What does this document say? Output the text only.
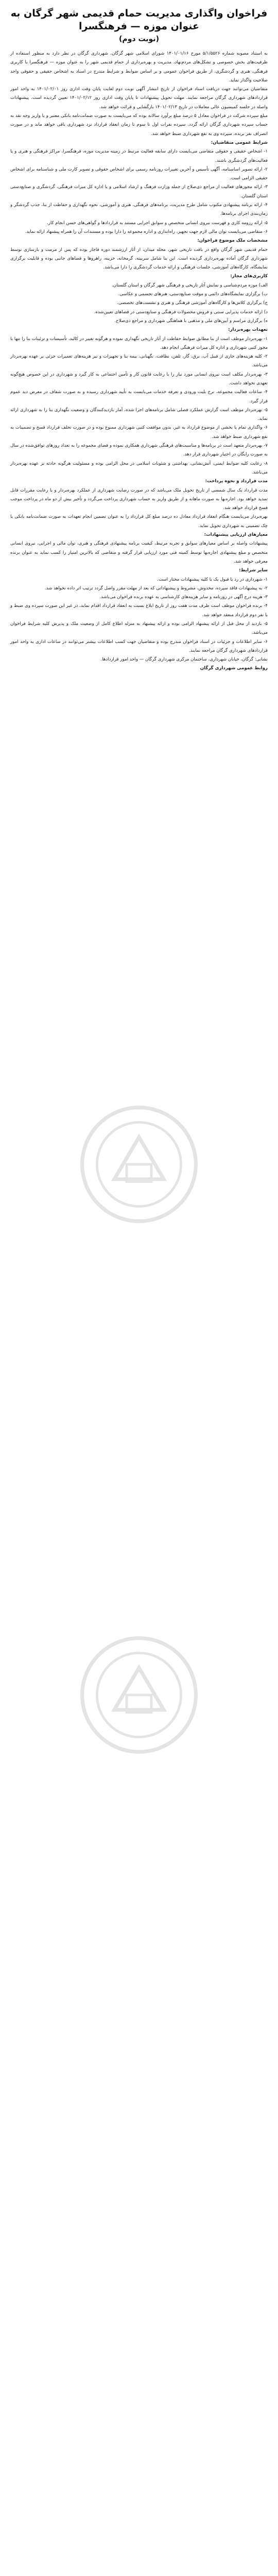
فراخوان واگذاری مدیریت حمام قدیمی شهر گرگان به عنوان موزه — فرهنگسرا
(نوبت دوم)

به استناد مصوبه شماره ۵/۱/۵۵۲۶ مورخ ۱۴۰۱/۰۱/۱۶ شورای اسلامی شهر گرگان، شهرداری گرگان در نظر دارد به منظور استفاده از ظرفیت‌های بخش خصوصی و تشکل‌های مردم‌نهاد، مدیریت و بهره‌برداری از حمام قدیمی شهر را به عنوان موزه — فرهنگسرا با کاربری فرهنگی، هنری و گردشگری، از طریق فراخوان عمومی و بر اساس ضوابط و شرایط مندرج در اسناد به اشخاص حقیقی و حقوقی واجد صلاحیت واگذار نماید.

متقاضیان می‌توانند جهت دریافت اسناد فراخوان از تاریخ انتشار آگهی نوبت دوم لغایت پایان وقت اداری روز ۱۴۰۱/۰۲/۰۱ به واحد امور قراردادهای شهرداری گرگان مراجعه نمایند. مهلت تحویل پیشنهادات تا پایان وقت اداری روز ۱۴۰۱/۰۲/۱۲ تعیین گردیده است. پیشنهادات واصله در جلسه کمیسیون عالی معاملات در تاریخ ۱۴۰۱/۰۲/۱۳ بازگشایی و قرائت خواهد شد.

مبلغ سپرده شرکت در فراخوان معادل ۵ درصد مبلغ برآورد سالانه بوده که می‌بایست به صورت ضمانت‌نامه بانکی معتبر و یا واریز وجه نقد به حساب سپرده شهرداری گرگان ارائه گردد. سپرده نفرات اول تا سوم تا زمان انعقاد قرارداد نزد شهرداری باقی خواهد ماند و در صورت انصراف نفر برنده، سپرده وی به نفع شهرداری ضبط خواهد شد.

شرایط عمومی متقاضیان:

۱- اشخاص حقیقی و حقوقی متقاضی می‌بایست دارای سابقه فعالیت مرتبط در زمینه مدیریت موزه، فرهنگسرا، مراکز فرهنگی و هنری و یا فعالیت‌های گردشگری باشند.

۲- ارائه تصویر اساسنامه، آگهی تأسیس و آخرین تغییرات روزنامه رسمی برای اشخاص حقوقی و تصویر کارت ملی و شناسنامه برای اشخاص حقیقی الزامی است.

۳- ارائه مجوزهای فعالیت از مراجع ذی‌صلاح از جمله وزارت فرهنگ و ارشاد اسلامی و یا اداره کل میراث فرهنگی، گردشگری و صنایع‌دستی استان گلستان.

۴- ارائه برنامه پیشنهادی مکتوب شامل طرح مدیریت، برنامه‌های فرهنگی، هنری و آموزشی، نحوه نگهداری و حفاظت از بنا، جذب گردشگر و زمان‌بندی اجرای برنامه‌ها.

۵- ارائه رزومه کاری و فهرست نیروی انسانی متخصص و سوابق اجرایی مستند به قراردادها و گواهی‌های حسن انجام کار.

۶- متقاضی می‌بایست توان مالی لازم جهت تجهیز، راه‌اندازی و اداره مجموعه را دارا بوده و مستندات آن را همراه پیشنهاد ارائه نماید.

مشخصات ملک موضوع فراخوان:

حمام قدیمی شهر گرگان واقع در بافت تاریخی شهر، محله میدان، از آثار ارزشمند دوره قاجار بوده که پس از مرمت و بازسازی توسط شهرداری گرگان آماده بهره‌برداری گردیده است. این بنا شامل سربینه، گرمخانه، خزینه، راهروها و فضاهای جانبی بوده و قابلیت برگزاری نمایشگاه، کارگاه‌های آموزشی، جلسات فرهنگی و ارائه خدمات گردشگری را دارا می‌باشد.

کاربری‌های مجاز:

الف) موزه مردم‌شناسی و نمایش آثار تاریخی و فرهنگی شهر گرگان و استان گلستان.

ب) برگزاری نمایشگاه‌های دائمی و موقت صنایع‌دستی، هنرهای تجسمی و عکاسی.

ج) برگزاری کلاس‌ها و کارگاه‌های آموزشی فرهنگی و هنری و نشست‌های تخصصی.

د) ارائه خدمات پذیرایی سنتی و فروش محصولات فرهنگی و صنایع‌دستی در فضاهای تعیین‌شده.

ه) برگزاری مراسم و آیین‌های ملی و مذهبی با هماهنگی شهرداری و مراجع ذی‌صلاح.

تعهدات بهره‌بردار:

۱- بهره‌بردار موظف است از بنا مطابق ضوابط حفاظت از آثار تاریخی نگهداری نموده و هرگونه تغییر در کالبد، تأسیسات و تزئینات بنا را تنها با مجوز کتبی شهرداری و اداره کل میراث فرهنگی انجام دهد.

۲- کلیه هزینه‌های جاری از قبیل آب، برق، گاز، تلفن، نظافت، نگهبانی، بیمه بنا و تجهیزات و نیز هزینه‌های تعمیرات جزئی بر عهده بهره‌بردار می‌باشد.

۳- بهره‌بردار مکلف است نیروی انسانی مورد نیاز را با رعایت قانون کار و تأمین اجتماعی به کار گیرد و شهرداری در این خصوص هیچ‌گونه تعهدی نخواهد داشت.

۴- ساعات فعالیت مجموعه، نرخ بلیت ورودی و تعرفه خدمات می‌بایست به تأیید شهرداری رسیده و به صورت شفاف در معرض دید عموم قرار گیرد.

۵- بهره‌بردار موظف است گزارش عملکرد فصلی شامل برنامه‌های اجرا شده، آمار بازدیدکنندگان و وضعیت نگهداری بنا را به شهرداری ارائه نماید.

۶- واگذاری تمام یا بخشی از موضوع قرارداد به غیر، بدون موافقت کتبی شهرداری ممنوع بوده و در صورت تخلف قرارداد فسخ و تضمینات به نفع شهرداری ضبط خواهد شد.

۷- بهره‌بردار متعهد است در برنامه‌ها و مناسبت‌های فرهنگی شهرداری همکاری نموده و فضای مجموعه را به تعداد روزهای توافق‌شده در سال به صورت رایگان در اختیار شهرداری قرار دهد.

۸- رعایت کلیه ضوابط ایمنی، آتش‌نشانی، بهداشتی و شئونات اسلامی در محل الزامی بوده و مسئولیت هرگونه حادثه بر عهده بهره‌بردار می‌باشد.

مدت قرارداد و نحوه پرداخت:

مدت قرارداد یک سال شمسی از تاریخ تحویل ملک می‌باشد که در صورت رضایت شهرداری از عملکرد بهره‌بردار و با رعایت مقررات قابل تمدید خواهد بود. اجاره‌بها به صورت ماهانه و از طریق واریز به حساب شهرداری پرداخت می‌گردد و تأخیر بیش از دو ماه در پرداخت موجب فسخ قرارداد خواهد شد.

بهره‌بردار می‌بایست هنگام انعقاد قرارداد معادل ده درصد مبلغ کل قرارداد را به عنوان تضمین انجام تعهدات به صورت ضمانت‌نامه بانکی یا چک تضمینی به شهرداری تحویل نماید.

معیارهای ارزیابی پیشنهادات:

پیشنهادات واصله بر اساس معیارهای سوابق و تجربه مرتبط، کیفیت برنامه پیشنهادی فرهنگی و هنری، توان مالی و اجرایی، نیروی انسانی متخصص و مبلغ پیشنهادی اجاره‌بها توسط کمیته فنی مورد ارزیابی قرار گرفته و متقاضی که بالاترین امتیاز را کسب نماید به عنوان برنده معرفی خواهد شد.

سایر شرایط:

۱- شهرداری در رد یا قبول یک یا کلیه پیشنهادات مختار است.

۲- به پیشنهادات فاقد سپرده، مخدوش، مشروط و پیشنهاداتی که بعد از مهلت مقرر واصل گردد ترتیب اثر داده نخواهد شد.

۳- هزینه درج آگهی در روزنامه و سایر هزینه‌های کارشناسی به عهده برنده فراخوان می‌باشد.

۴- برنده فراخوان موظف است ظرف مدت هفت روز از تاریخ ابلاغ نسبت به انعقاد قرارداد اقدام نماید، در غیر این صورت سپرده وی ضبط و با نفر دوم قرارداد منعقد خواهد شد.

۵- بازدید از محل قبل از ارائه پیشنهاد الزامی بوده و ارائه پیشنهاد به منزله اطلاع کامل از وضعیت ملک و پذیرش کلیه شرایط فراخوان می‌باشد.

۶- سایر اطلاعات و جزئیات در اسناد فراخوان مندرج بوده و متقاضیان جهت کسب اطلاعات بیشتر می‌توانند در ساعات اداری به واحد امور قراردادهای شهرداری گرگان مراجعه نمایند.

نشانی: گرگان، خیابان شهرداری، ساختمان مرکزی شهرداری گرگان — واحد امور قراردادها.

روابط عمومی شهرداری گرگان
